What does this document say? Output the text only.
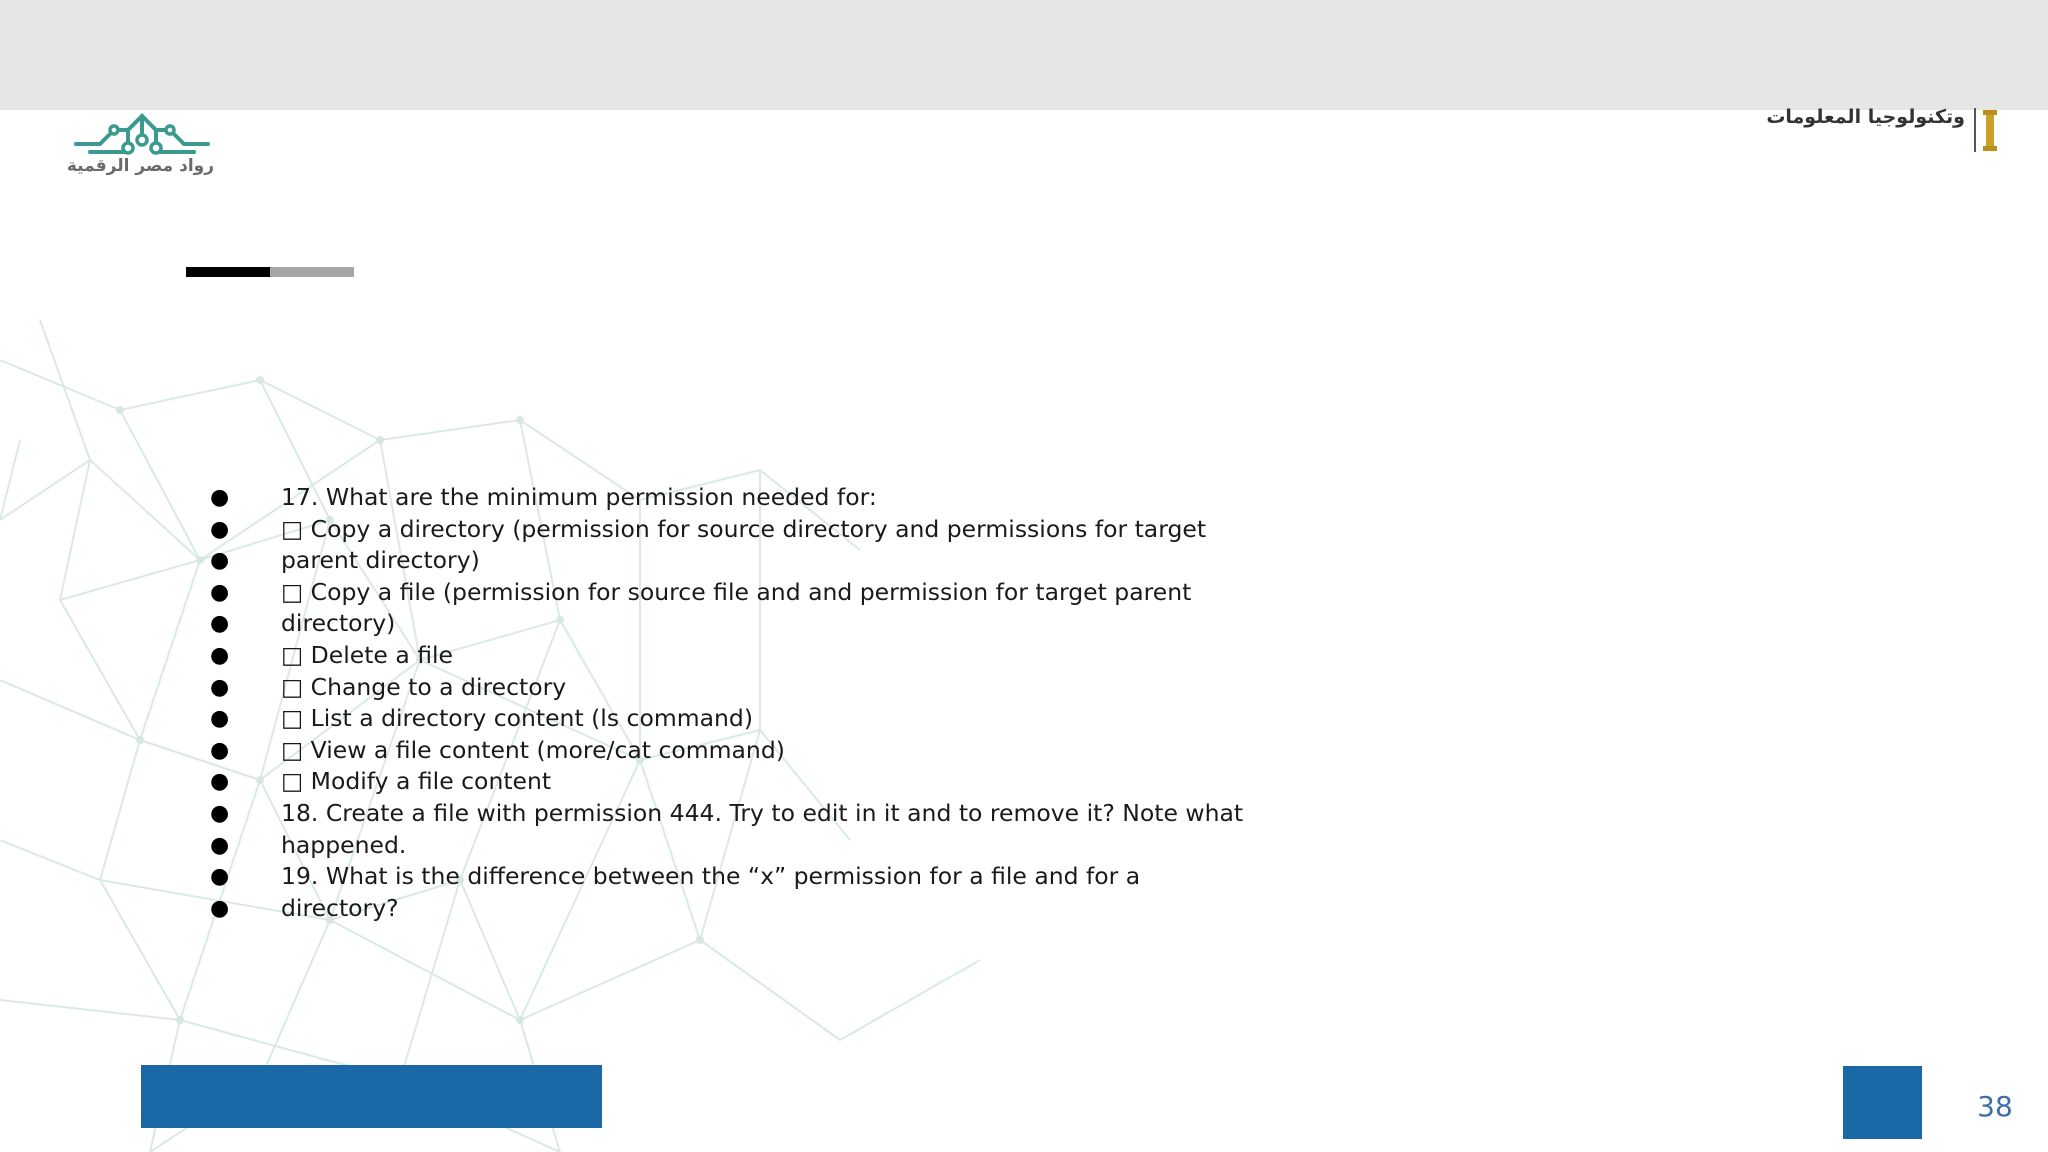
رواد مصر الرقمية
وتكنولوجيا المعلومات
● 17. What are the minimum permission needed for:
● □ Copy a directory (permission for source directory and permissions for target
● parent directory)
● □ Copy a file (permission for source file and and permission for target parent
● directory)
● □ Delete a file
● □ Change to a directory
● □ List a directory content (ls command)
● □ View a file content (more/cat command)
● □ Modify a file content
● 18. Create a file with permission 444. Try to edit in it and to remove it? Note what
● happened.
● 19. What is the difference between the “x” permission for a file and for a
● directory?
38
